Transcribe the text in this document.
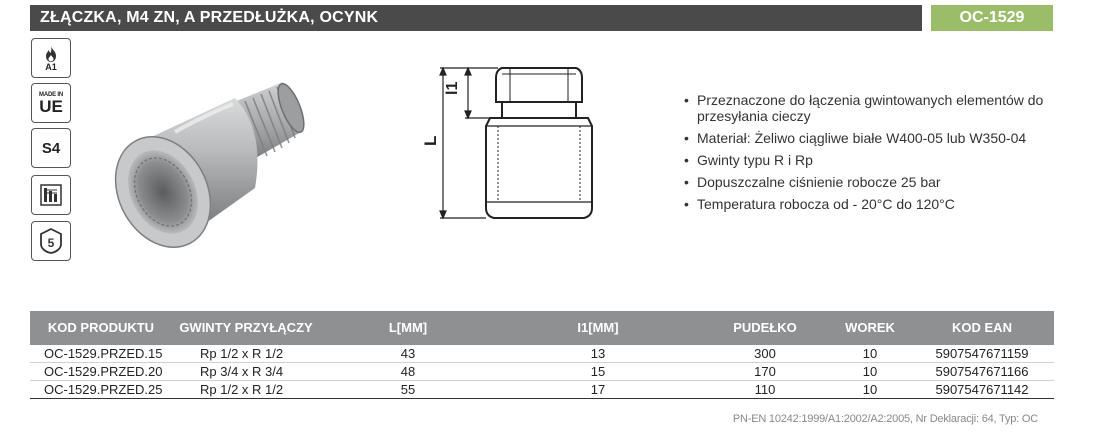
ZŁĄCZKA, M4 ZN, A PRZEDŁUŻKA, OCYNK	OC-1529
A1
MADE IN
UE
S4
5
l1
L
• Przeznaczone do łączenia gwintowanych elementów do przesyłania cieczy
• Materiał: Żeliwo ciągliwe białe W400-05 lub W350-04
• Gwinty typu R i Rp
• Dopuszczalne ciśnienie robocze 25 bar
• Temperatura robocza od - 20°C do 120°C
KOD PRODUKTU	GWINTY PRZYŁĄCZY	L[MM]	I1[MM]	PUDEŁKO	WOREK	KOD EAN
OC-1529.PRZED.15	Rp 1/2 x R 1/2	43	13	300	10	5907547671159
OC-1529.PRZED.20	Rp 3/4 x R 3/4	48	15	170	10	5907547671166
OC-1529.PRZED.25	Rp 1/2 x R 1/2	55	17	110	10	5907547671142
PN-EN 10242:1999/A1:2002/A2:2005, Nr Deklaracji: 64, Typ: OC
